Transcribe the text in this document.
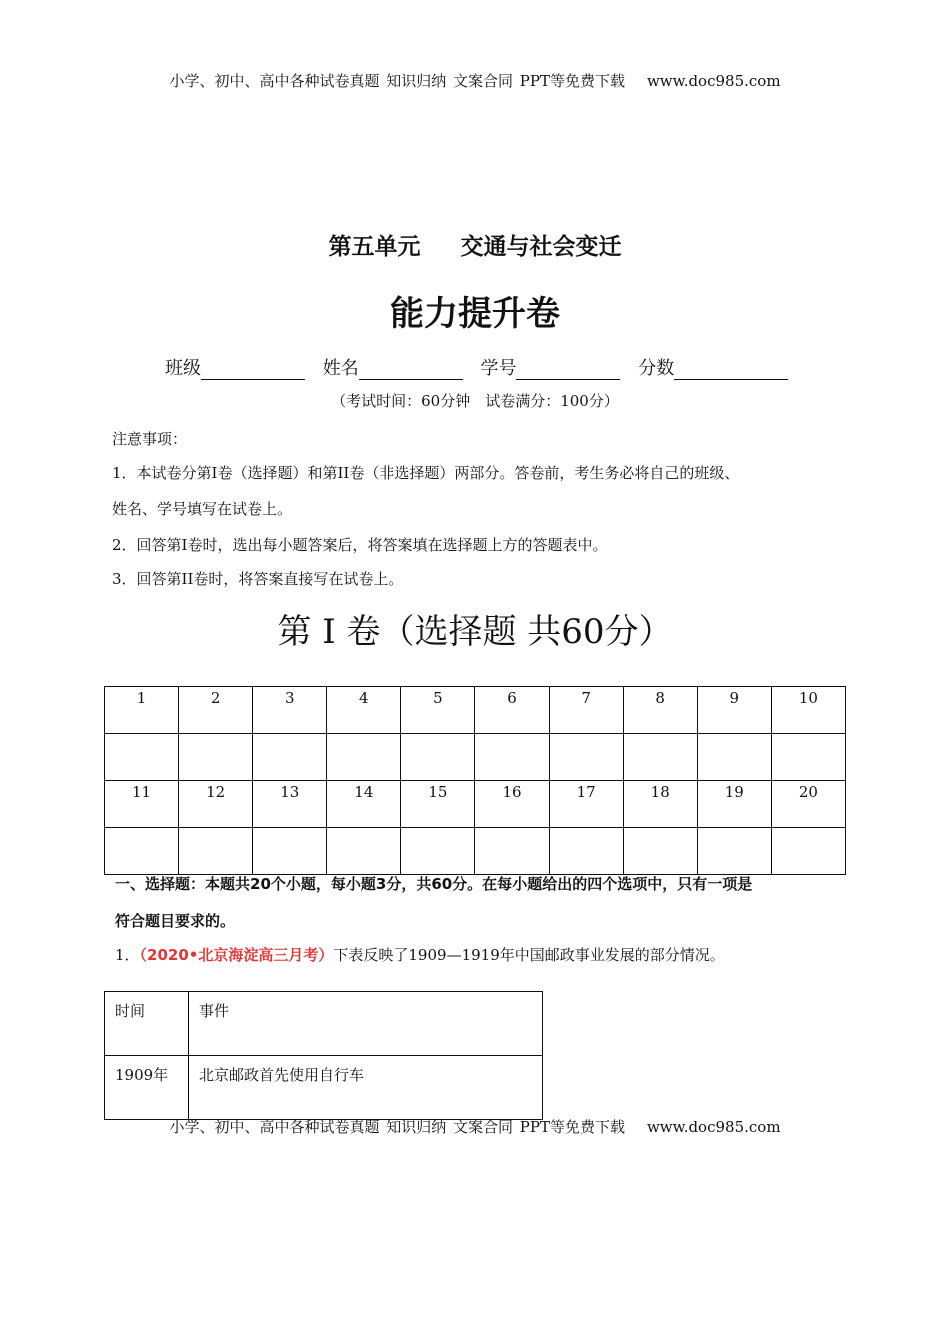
小学、初中、高中各种试卷真题 知识归纳 文案合同 PPT等免费下载 www.doc985.com
第五单元 交通与社会变迁
能力提升卷
班级	姓名	学号	分数
（考试时间：60分钟　试卷满分：100分）
注意事项：
1．本试卷分第I卷（选择题）和第II卷（非选择题）两部分。答卷前，考生务必将自己的班级、
姓名、学号填写在试卷上。
2．回答第I卷时，选出每小题答案后，将答案填在选择题上方的答题表中。
3．回答第II卷时，将答案直接写在试卷上。
第 I 卷（选择题 共60分）
1	2	3	4	5	6	7	8	9	10

11	12	13	14	15	16	17	18	19	20

一、选择题：本题共20个小题，每小题3分，共60分。在每小题给出的四个选项中，只有一项是
符合题目要求的。
1．（2020•北京海淀高三月考）下表反映了1909—1919年中国邮政事业发展的部分情况。
时间	事件
1909年	北京邮政首先使用自行车
小学、初中、高中各种试卷真题 知识归纳 文案合同 PPT等免费下载 www.doc985.com
